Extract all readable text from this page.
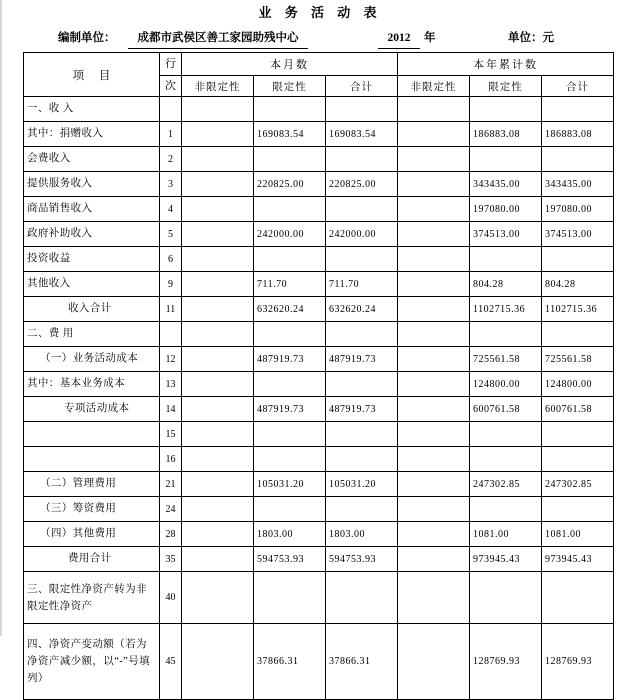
业 务 活 动 表
编制单位：	成都市武侯区善工家园助残中心	2012	年	单位：元
项 目	行	本月数			本年累计数		
	次	非限定性	限定性	合计	非限定性	限定性	合计
一、收 入							
其中：捐赠收入	1		169083.54	169083.54		186883.08	186883.08
会费收入	2						
提供服务收入	3		220825.00	220825.00		343435.00	343435.00
商品销售收入	4					197080.00	197080.00
政府补助收入	5		242000.00	242000.00		374513.00	374513.00
投资收益	6						
其他收入	9		711.70	711.70		804.28	804.28
收入合计	11		632620.24	632620.24		1102715.36	1102715.36
二、费 用							
（一）业务活动成本	12		487919.73	487919.73		725561.58	725561.58
其中：基本业务成本	13					124800.00	124800.00
专项活动成本	14		487919.73	487919.73		600761.58	600761.58
	15						
	16						
（二）管理费用	21		105031.20	105031.20		247302.85	247302.85
（三）筹资费用	24						
（四）其他费用	28		1803.00	1803.00		1081.00	1081.00
费用合计	35		594753.93	594753.93		973945.43	973945.43
三、限定性净资产转为非限定性净资产	40						
四、净资产变动额（若为净资产减少额，以“-”号填列）	45		37866.31	37866.31		128769.93	128769.93
